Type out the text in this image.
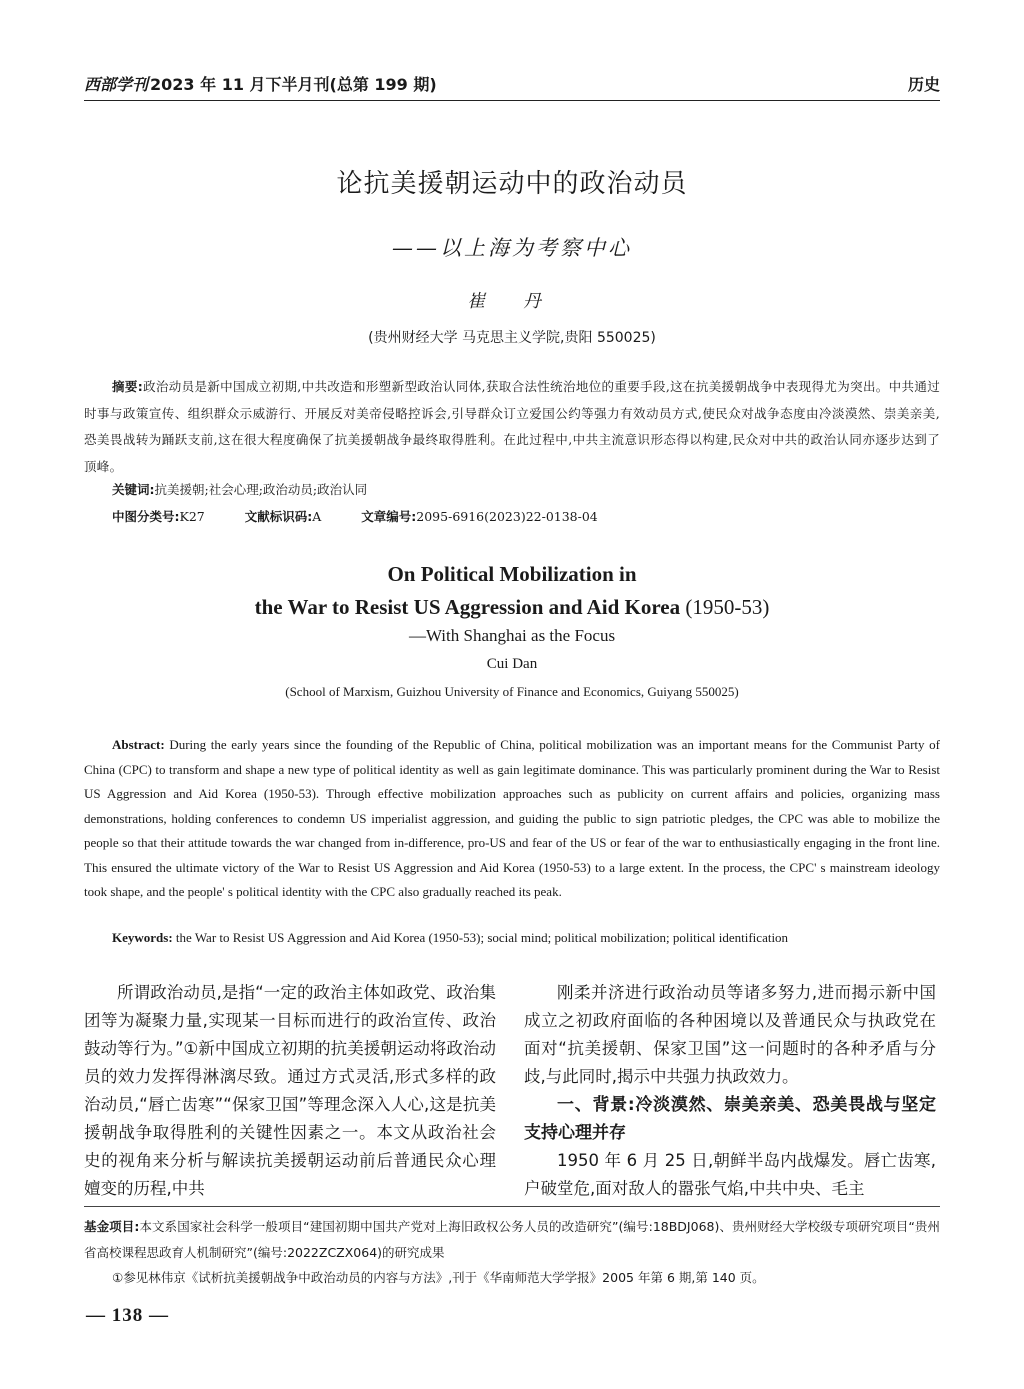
西部学刊 2023 年 11 月下半月刊(总第 199 期)	历史
论抗美援朝运动中的政治动员
——以上海为考察中心
崔 丹
(贵州财经大学 马克思主义学院,贵阳 550025)
摘要:政治动员是新中国成立初期,中共改造和形塑新型政治认同体,获取合法性统治地位的重要手段,这在抗美援朝战争中表现得尤为突出。中共通过时事与政策宣传、组织群众示威游行、开展反对美帝侵略控诉会,引导群众订立爱国公约等强力有效动员方式,使民众对战争态度由冷淡漠然、崇美亲美,恐美畏战转为踊跃支前,这在很大程度确保了抗美援朝战争最终取得胜利。在此过程中,中共主流意识形态得以构建,民众对中共的政治认同亦逐步达到了顶峰。
关键词:抗美援朝;社会心理;政治动员;政治认同
中图分类号:K27	文献标识码:A	文章编号:2095-6916(2023)22-0138-04
On Political Mobilization in
the War to Resist US Aggression and Aid Korea (1950-53)
—With Shanghai as the Focus
Cui Dan
(School of Marxism, Guizhou University of Finance and Economics, Guiyang 550025)
Abstract: During the early years since the founding of the Republic of China, political mobilization was an important means for the Communist Party of China (CPC) to transform and shape a new type of political identity as well as gain legitimate dominance. This was particularly prominent during the War to Resist US Aggression and Aid Korea (1950-53). Through effective mobilization approaches such as publicity on current affairs and policies, organizing mass demonstrations, holding conferences to condemn US imperialist aggression, and guiding the public to sign patriotic pledges, the CPC was able to mobilize the people so that their attitude towards the war changed from in-difference, pro-US and fear of the US or fear of the war to enthusiastically engaging in the front line. This ensured the ultimate victory of the War to Resist US Aggression and Aid Korea (1950-53) to a large extent. In the process, the CPC' s mainstream ideology took shape, and the people' s political identity with the CPC also gradually reached its peak.
Keywords: the War to Resist US Aggression and Aid Korea (1950-53); social mind; political mobilization; political identification

所谓政治动员,是指“一定的政治主体如政党、政治集团等为凝聚力量,实现某一目标而进行的政治宣传、政治鼓动等行为。”①新中国成立初期的抗美援朝运动将政治动员的效力发挥得淋漓尽致。通过方式灵活,形式多样的政治动员,“唇亡齿寒”“保家卫国”等理念深入人心,这是抗美援朝战争取得胜利的关键性因素之一。本文从政治社会史的视角来分析与解读抗美援朝运动前后普通民众心理嬗变的历程,中共

刚柔并济进行政治动员等诸多努力,进而揭示新中国成立之初政府面临的各种困境以及普通民众与执政党在面对“抗美援朝、保家卫国”这一问题时的各种矛盾与分歧,与此同时,揭示中共强力执政效力。

一、背景:冷淡漠然、崇美亲美、恐美畏战与坚定支持心理并存

1950 年 6 月 25 日,朝鲜半岛内战爆发。唇亡齿寒,户破堂危,面对敌人的嚣张气焰,中共中央、毛主

基金项目:本文系国家社会科学一般项目“建国初期中国共产党对上海旧政权公务人员的改造研究”(编号:18BDJ068)、贵州财经大学校级专项研究项目“贵州省高校课程思政育人机制研究”(编号:2022ZCZX064)的研究成果
①参见林伟京《试析抗美援朝战争中政治动员的内容与方法》,刊于《华南师范大学学报》2005 年第 6 期,第 140 页。
— 138 —
